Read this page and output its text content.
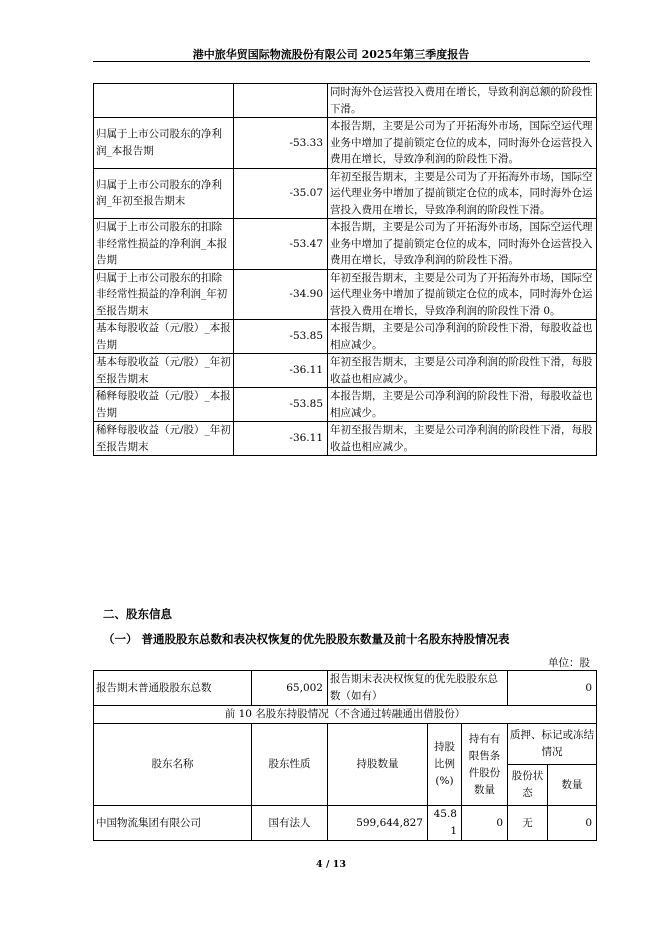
港中旅华贸国际物流股份有限公司 2025年第三季度报告
		同时海外仓运营投入费用在增长，导致利润总额的阶段性下滑。
归属于上市公司股东的净利润_本报告期	-53.33	本报告期，主要是公司为了开拓海外市场，国际空运代理业务中增加了提前锁定仓位的成本，同时海外仓运营投入费用在增长，导致净利润的阶段性下滑。
归属于上市公司股东的净利润_年初至报告期末	-35.07	年初至报告期末，主要是公司为了开拓海外市场，国际空运代理业务中增加了提前锁定仓位的成本，同时海外仓运营投入费用在增长，导致净利润的阶段性下滑。
归属于上市公司股东的扣除非经常性损益的净利润_本报告期	-53.47	本报告期，主要是公司为了开拓海外市场，国际空运代理业务中增加了提前锁定仓位的成本，同时海外仓运营投入费用在增长，导致净利润的阶段性下滑。
归属于上市公司股东的扣除非经常性损益的净利润_年初至报告期末	-34.90	年初至报告期末，主要是公司为了开拓海外市场，国际空运代理业务中增加了提前锁定仓位的成本，同时海外仓运营投入费用在增长，导致净利润的阶段性下滑 0。
基本每股收益（元/股）_本报告期	-53.85	本报告期，主要是公司净利润的阶段性下滑，每股收益也相应减少。
基本每股收益（元/股）_年初至报告期末	-36.11	年初至报告期末，主要是公司净利润的阶段性下滑，每股收益也相应减少。
稀释每股收益（元/股）_本报告期	-53.85	本报告期，主要是公司净利润的阶段性下滑，每股收益也相应减少。
稀释每股收益（元/股）_年初至报告期末	-36.11	年初至报告期末，主要是公司净利润的阶段性下滑，每股收益也相应减少。
二、股东信息
（一） 普通股股东总数和表决权恢复的优先股股东数量及前十名股东持股情况表
单位：股
报告期末普通股股东总数	65,002	报告期末表决权恢复的优先股股东总数（如有）			0	
前 10 名股东持股情况（不含通过转融通出借股份）						
股东名称	股东性质	持股数量	持股比例(%)	持有有限售条件股份数量	质押、标记或冻结情况	
					股份状态	数量
中国物流集团有限公司	国有法人	599,644,827	45.81	0	无	0
4 / 13
